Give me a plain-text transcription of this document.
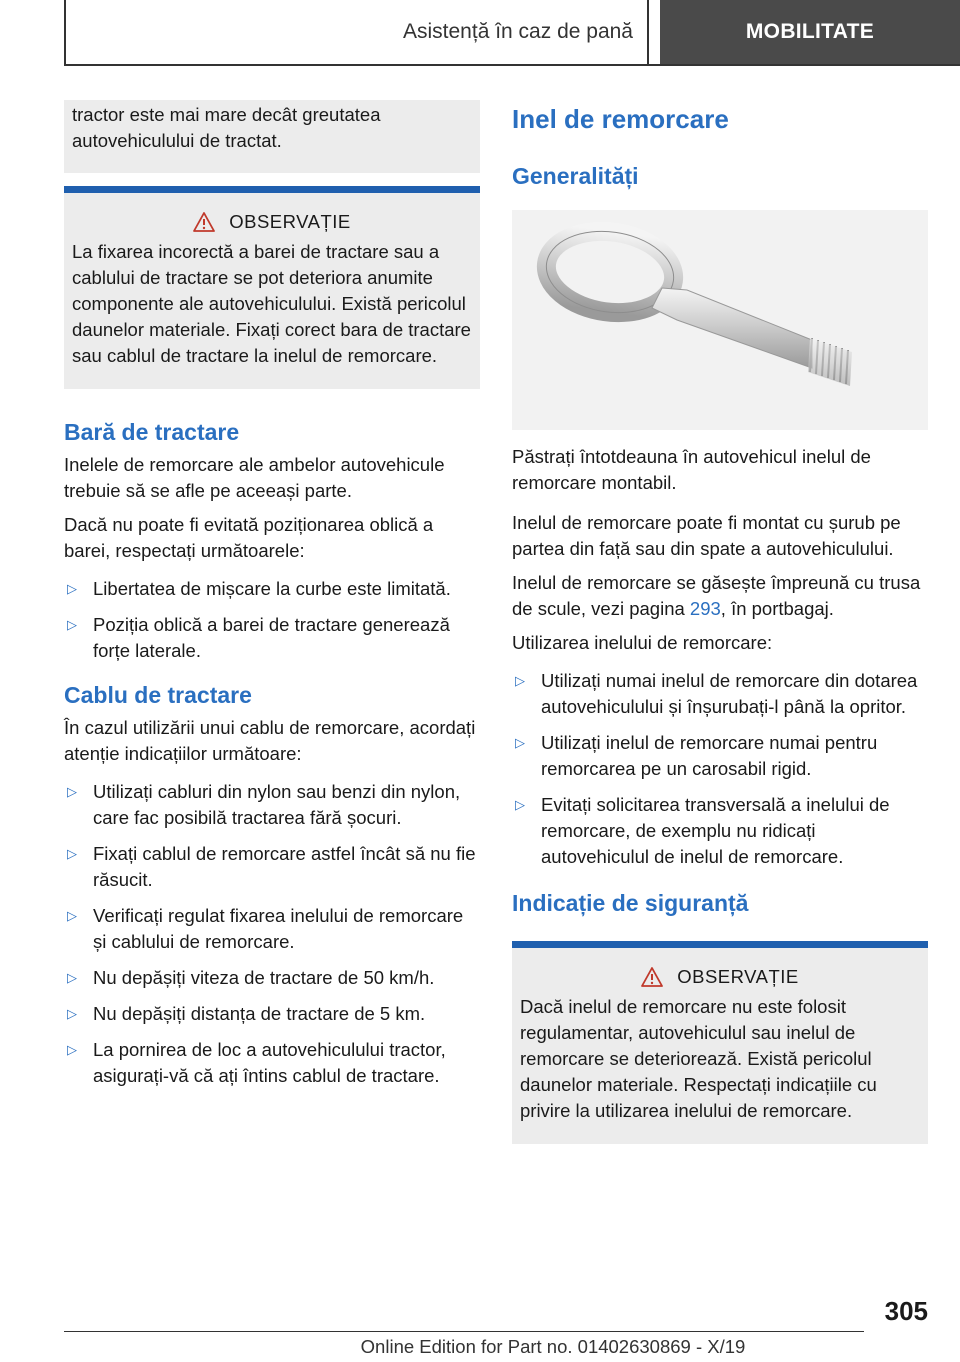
Asistență în caz de pană	MOBILITATE

tractor este mai mare decât greutatea autovehiculului de tractat.

OBSERVAȚIE

La fixarea incorectă a barei de tractare sau a cablului de tractare se pot deteriora anumite componente ale autovehiculului. Există pericolul daunelor materiale. Fixați corect bara de tractare sau cablul de tractare la inelul de remorcare.

Bară de tractare

Inelele de remorcare ale ambelor autovehicule trebuie să se afle pe aceeași parte.

Dacă nu poate fi evitată poziționarea oblică a barei, respectați următoarele:

▷ Libertatea de mișcare la curbe este limitată.
▷ Poziția oblică a barei de tractare generează forțe laterale.
Cablu de tractare

În cazul utilizării unui cablu de remorcare, acordați atenție indicațiilor următoare:

▷ Utilizați cabluri din nylon sau benzi din nylon, care fac posibilă tractarea fără șocuri.
▷ Fixați cablul de remorcare astfel încât să nu fie răsucit.
▷ Verificați regulat fixarea inelului de remorcare și cablului de remorcare.
▷ Nu depășiți viteza de tractare de 50 km/h.
▷ Nu depășiți distanța de tractare de 5 km.
▷ La pornirea de loc a autovehiculului tractor, asigurați-vă că ați întins cablul de tractare.
Inel de remorcare
Generalități

Păstrați întotdeauna în autovehicul inelul de remorcare montabil.

Inelul de remorcare poate fi montat cu șurub pe partea din față sau din spate a autovehiculului.

Inelul de remorcare se găsește împreună cu trusa de scule, vezi pagina 293, în portbagaj.

Utilizarea inelului de remorcare:

▷ Utilizați numai inelul de remorcare din dotarea autovehiculului și înșurubați-l până la opritor.
▷ Utilizați inelul de remorcare numai pentru remorcarea pe un carosabil rigid.
▷ Evitați solicitarea transversală a inelului de remorcare, de exemplu nu ridicați autovehiculul de inelul de remorcare.
Indicație de siguranță
OBSERVAȚIE

Dacă inelul de remorcare nu este folosit regulamentar, autovehiculul sau inelul de remorcare se deteriorează. Există pericolul daunelor materiale. Respectați indicațiile cu privire la utilizarea inelului de remorcare.

305
Online Edition for Part no. 01402630869 - X/19
